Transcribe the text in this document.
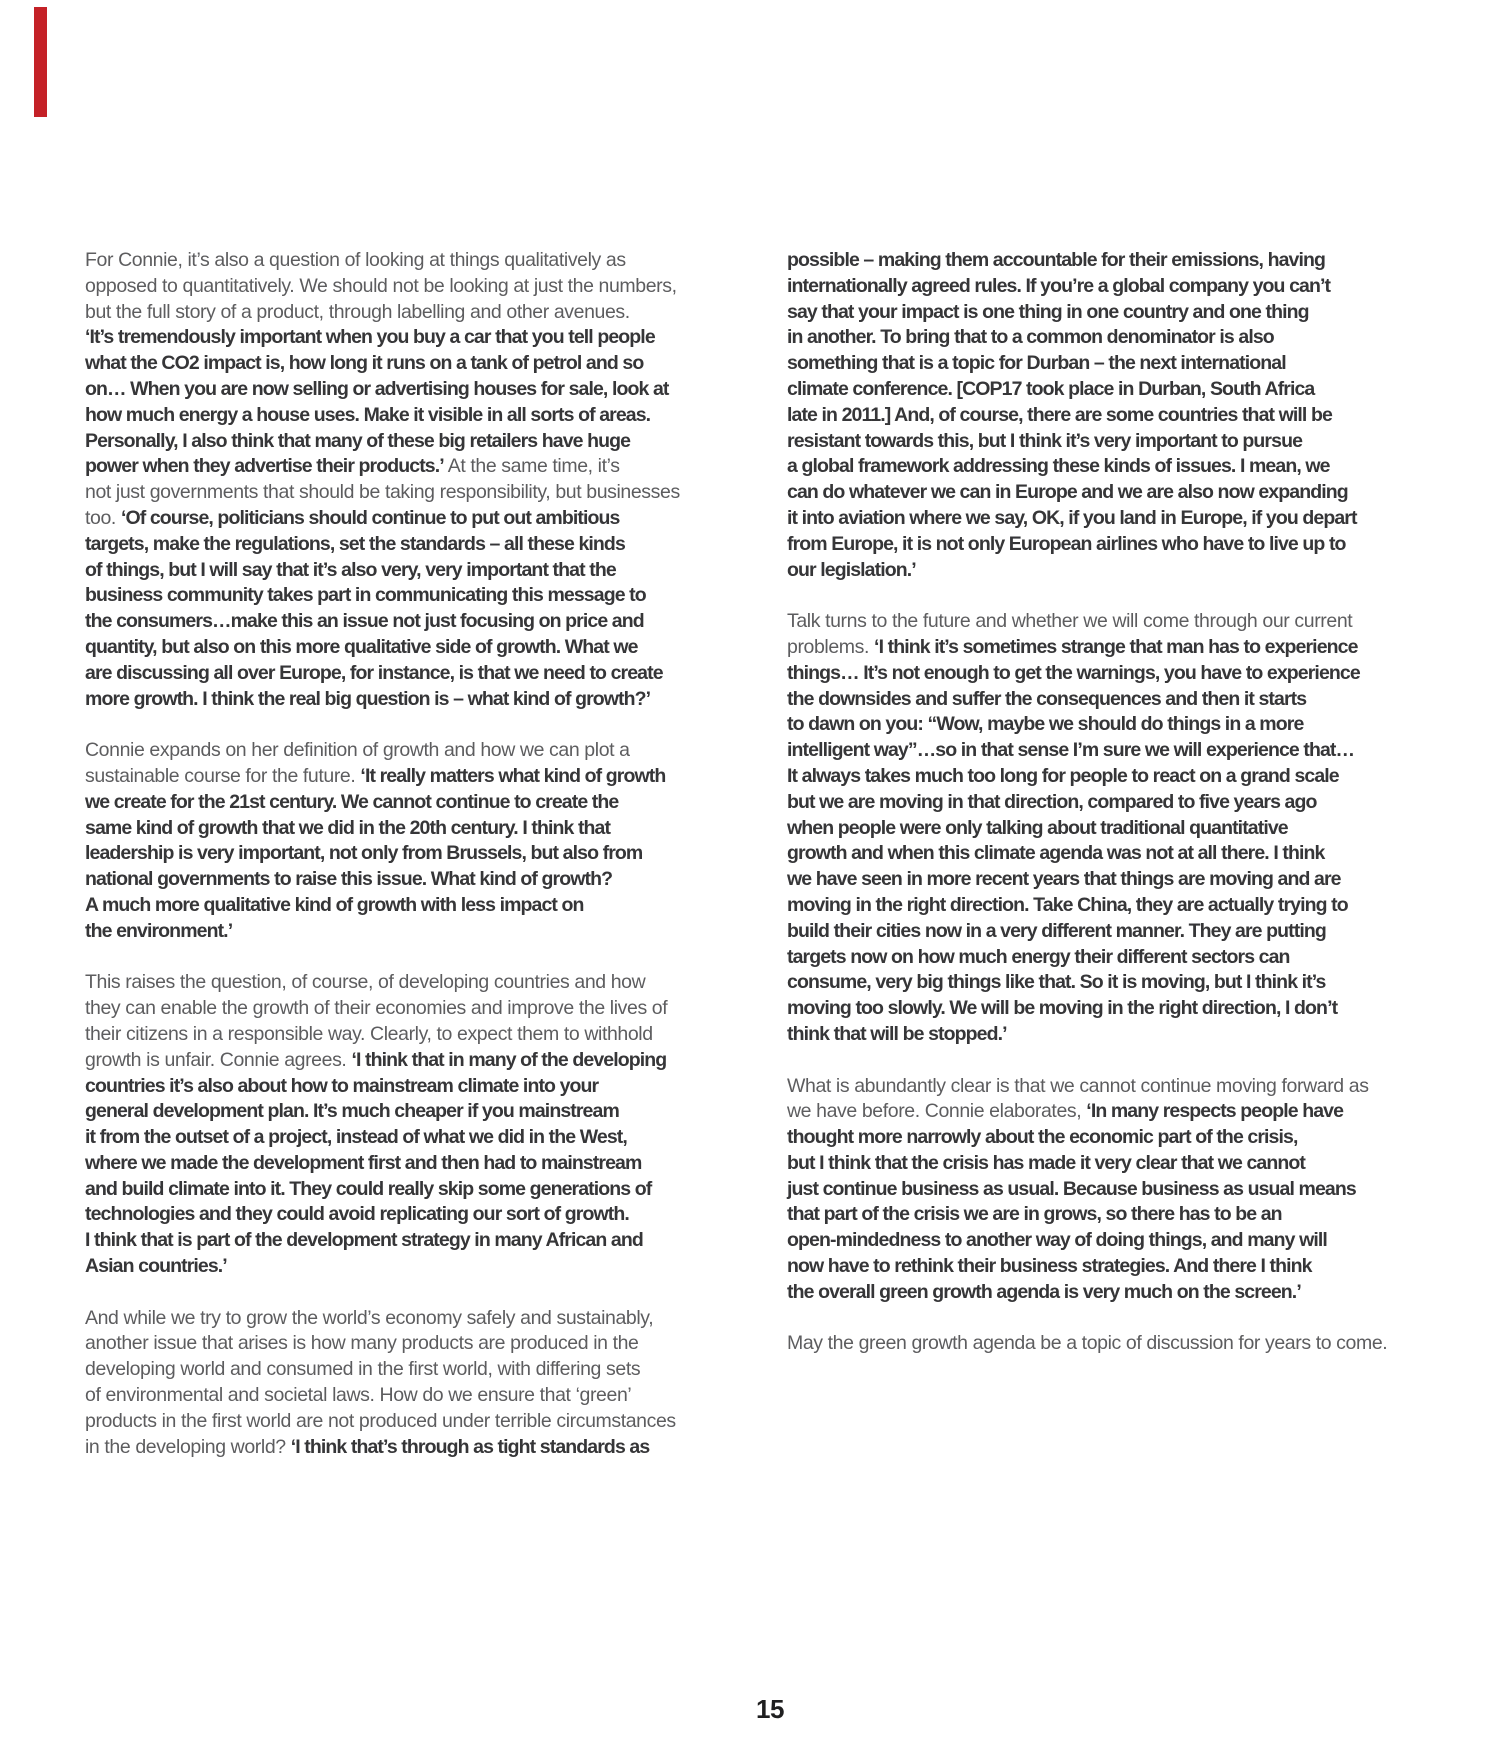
For Connie, it’s also a question of looking at things qualitatively as
opposed to quantitatively. We should not be looking at just the numbers,
but the full story of a product, through labelling and other avenues.
‘It’s tremendously important when you buy a car that you tell people
what the CO2 impact is, how long it runs on a tank of petrol and so
on… When you are now selling or advertising houses for sale, look at
how much energy a house uses. Make it visible in all sorts of areas.
Personally, I also think that many of these big retailers have huge
power when they advertise their products.’ At the same time, it’s
not just governments that should be taking responsibility, but businesses
too. ‘Of course, politicians should continue to put out ambitious
targets, make the regulations, set the standards – all these kinds
of things, but I will say that it’s also very, very important that the
business community takes part in communicating this message to
the consumers…make this an issue not just focusing on price and
quantity, but also on this more qualitative side of growth. What we
are discussing all over Europe, for instance, is that we need to create
more growth. I think the real big question is – what kind of growth?’
Connie expands on her definition of growth and how we can plot a
sustainable course for the future. ‘It really matters what kind of growth
we create for the 21st century. We cannot continue to create the
same kind of growth that we did in the 20th century. I think that
leadership is very important, not only from Brussels, but also from
national governments to raise this issue. What kind of growth?
A much more qualitative kind of growth with less impact on
the environment.’
This raises the question, of course, of developing countries and how
they can enable the growth of their economies and improve the lives of
their citizens in a responsible way. Clearly, to expect them to withhold
growth is unfair. Connie agrees. ‘I think that in many of the developing
countries it’s also about how to mainstream climate into your
general development plan. It’s much cheaper if you mainstream
it from the outset of a project, instead of what we did in the West,
where we made the development first and then had to mainstream
and build climate into it. They could really skip some generations of
technologies and they could avoid replicating our sort of growth.
I think that is part of the development strategy in many African and
Asian countries.’
And while we try to grow the world’s economy safely and sustainably,
another issue that arises is how many products are produced in the
developing world and consumed in the first world, with differing sets
of environmental and societal laws. How do we ensure that ‘green’
products in the first world are not produced under terrible circumstances
in the developing world? ‘I think that’s through as tight standards as
possible – making them accountable for their emissions, having
internationally agreed rules. If you’re a global company you can’t
say that your impact is one thing in one country and one thing
in another. To bring that to a common denominator is also
something that is a topic for Durban – the next international
climate conference. [COP17 took place in Durban, South Africa
late in 2011.] And, of course, there are some countries that will be
resistant towards this, but I think it’s very important to pursue
a global framework addressing these kinds of issues. I mean, we
can do whatever we can in Europe and we are also now expanding
it into aviation where we say, OK, if you land in Europe, if you depart
from Europe, it is not only European airlines who have to live up to
our legislation.’
Talk turns to the future and whether we will come through our current
problems. ‘I think it’s sometimes strange that man has to experience
things… It’s not enough to get the warnings, you have to experience
the downsides and suffer the consequences and then it starts
to dawn on you: “Wow, maybe we should do things in a more
intelligent way”…so in that sense I’m sure we will experience that…
It always takes much too long for people to react on a grand scale
but we are moving in that direction, compared to five years ago
when people were only talking about traditional quantitative
growth and when this climate agenda was not at all there. I think
we have seen in more recent years that things are moving and are
moving in the right direction. Take China, they are actually trying to
build their cities now in a very different manner. They are putting
targets now on how much energy their different sectors can
consume, very big things like that. So it is moving, but I think it’s
moving too slowly. We will be moving in the right direction, I don’t
think that will be stopped.’
What is abundantly clear is that we cannot continue moving forward as
we have before. Connie elaborates, ‘In many respects people have
thought more narrowly about the economic part of the crisis,
but I think that the crisis has made it very clear that we cannot
just continue business as usual. Because business as usual means
that part of the crisis we are in grows, so there has to be an
open-mindedness to another way of doing things, and many will
now have to rethink their business strategies. And there I think
the overall green growth agenda is very much on the screen.’
May the green growth agenda be a topic of discussion for years to come.
15
